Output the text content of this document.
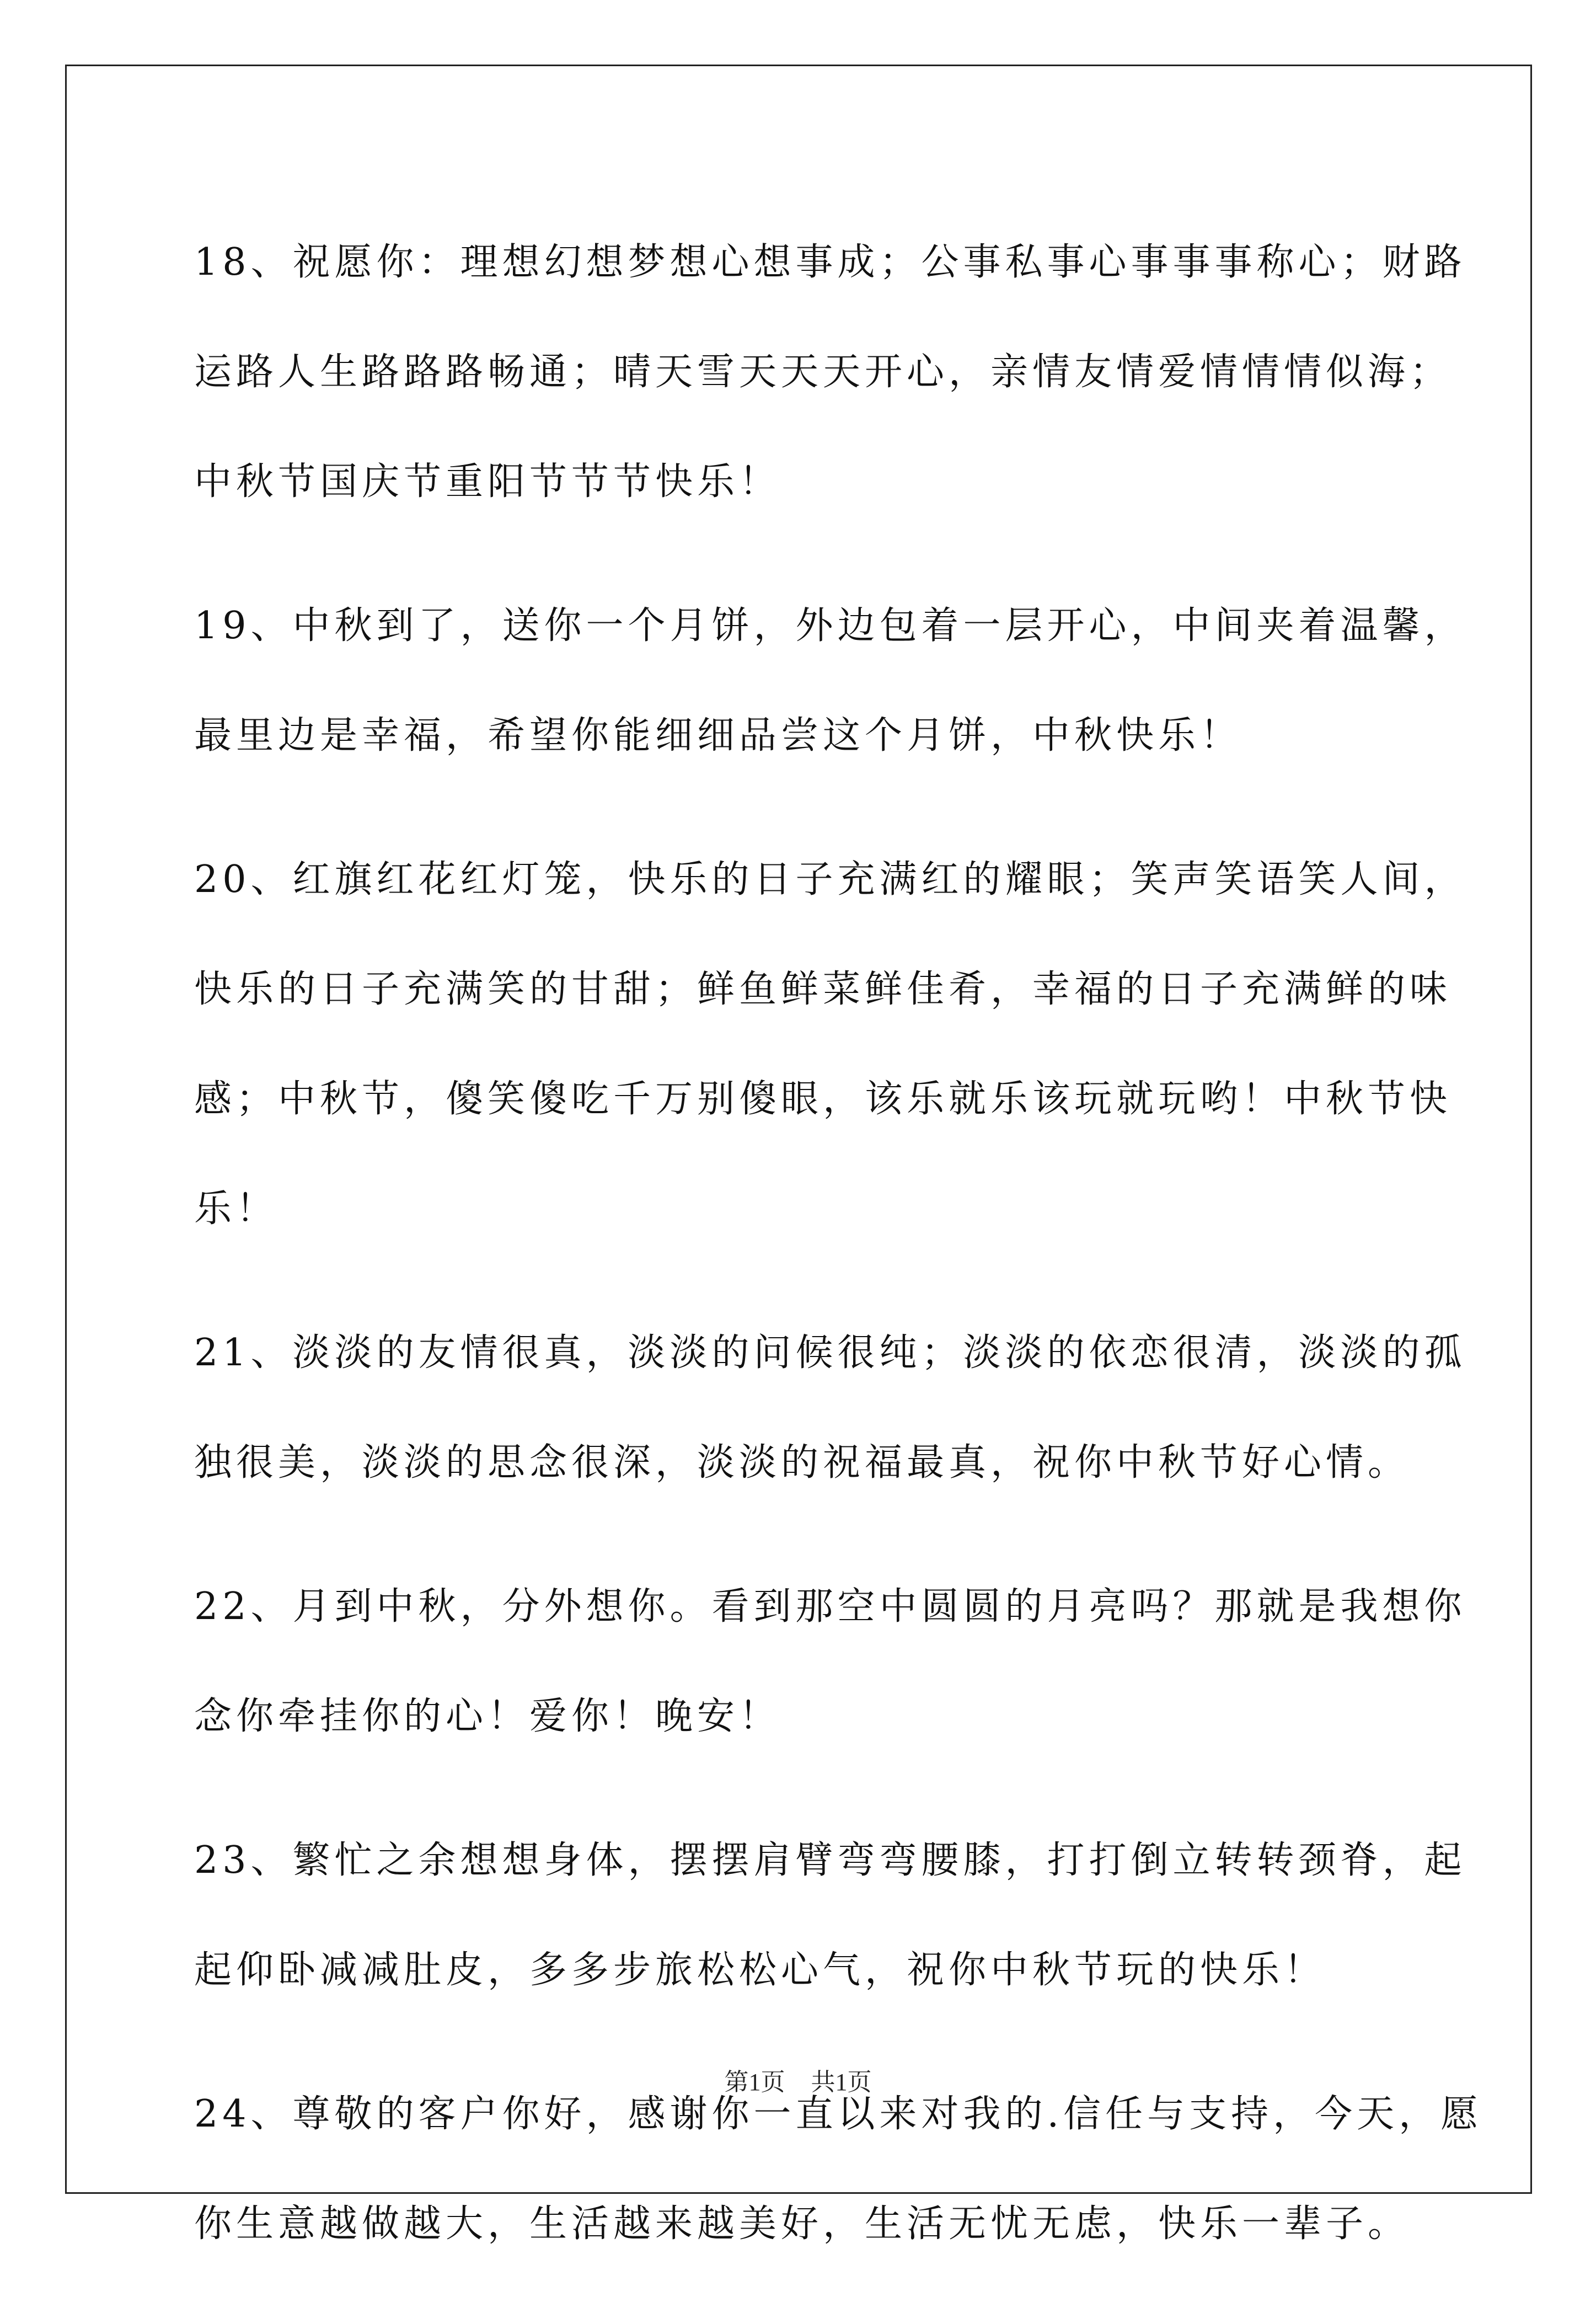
18、祝愿你：理想幻想梦想心想事成；公事私事心事事事称心；财路
运路人生路路路畅通；晴天雪天天天开心，亲情友情爱情情情似海；
中秋节国庆节重阳节节节快乐！

19、中秋到了，送你一个月饼，外边包着一层开心，中间夹着温馨，
最里边是幸福，希望你能细细品尝这个月饼，中秋快乐！

20、红旗红花红灯笼，快乐的日子充满红的耀眼；笑声笑语笑人间，
快乐的日子充满笑的甘甜；鲜鱼鲜菜鲜佳肴，幸福的日子充满鲜的味
感；中秋节，傻笑傻吃千万别傻眼，该乐就乐该玩就玩哟！中秋节快
乐！

21、淡淡的友情很真，淡淡的问候很纯；淡淡的依恋很清，淡淡的孤
独很美，淡淡的思念很深，淡淡的祝福最真，祝你中秋节好心情。

22、月到中秋，分外想你。看到那空中圆圆的月亮吗？那就是我想你
念你牵挂你的心！爱你！晚安！

23、繁忙之余想想身体，摆摆肩臂弯弯腰膝，打打倒立转转颈脊，起
起仰卧减减肚皮，多多步旅松松心气，祝你中秋节玩的快乐！

24、尊敬的客户你好，感谢你一直以来对我的.信任与支持，今天，愿
你生意越做越大，生活越来越美好，生活无忧无虑，快乐一辈子。

第1页 共1页
